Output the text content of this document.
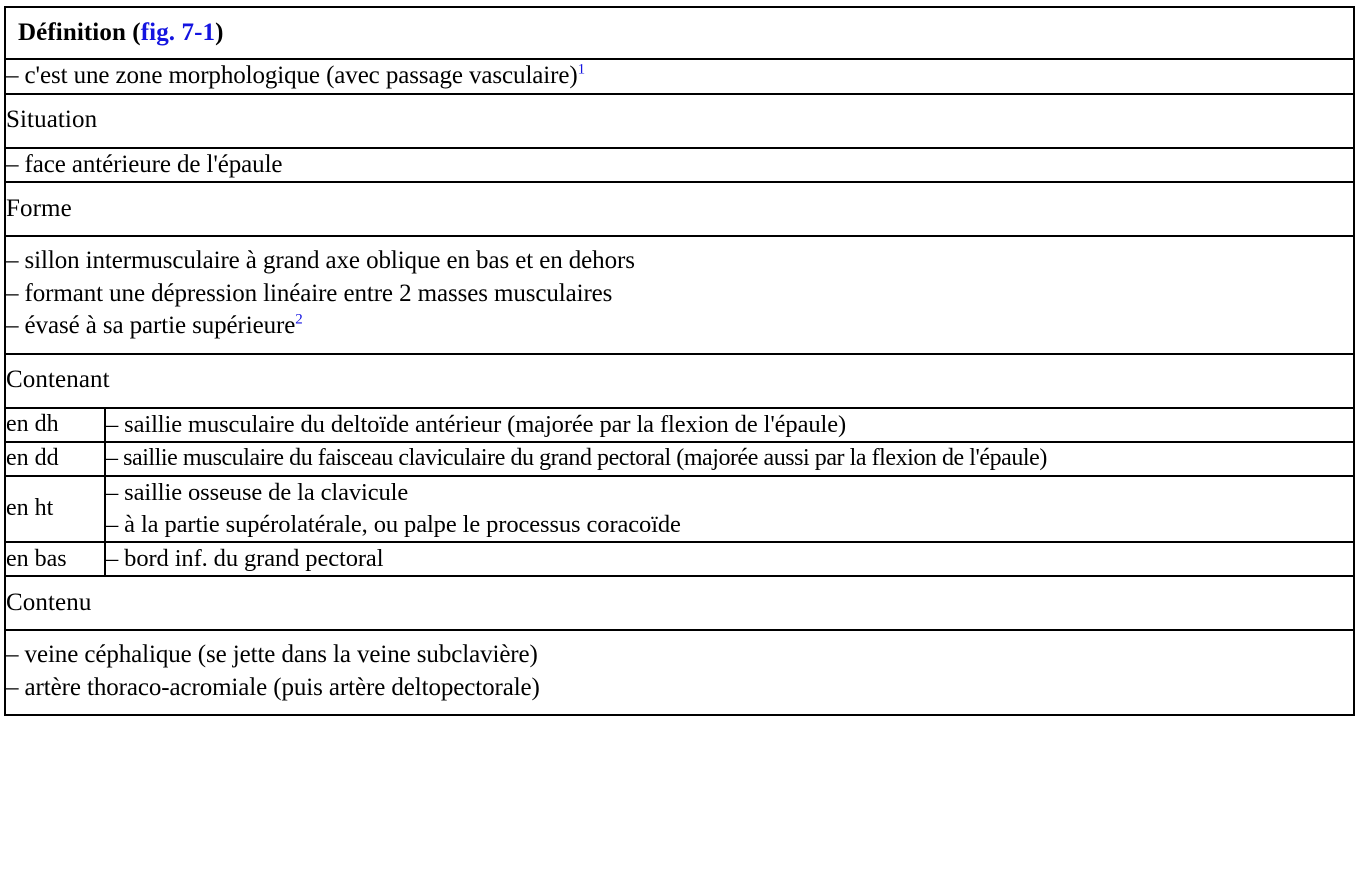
Définition (fig. 7-1)	

– c'est une zone morphologique (avec passage vasculaire)$^1$

Situation	

– face antérieure de l'épaule	

Forme	

– sillon intermusculaire à grand axe oblique en bas et en dehors
– formant une dépression linéaire entre 2 masses musculaires
– évasé à sa partie supérieure$^2$

Contenant	
en dh	– saillie musculaire du deltoïde antérieur (majorée par la flexion de l'épaule)

en dd	– saillie musculaire du faisceau claviculaire du grand pectoral (majorée aussi par la flexion de l'épaule)

en ht	– saillie osseuse de la clavicule
– à la partie supérolatérale, ou palpe le processus coracoïde

en bas	– bord inf. du grand pectoral

Contenu	

– veine céphalique (se jette dans la veine subclavière)
– artère thoraco-acromiale (puis artère deltopectorale)	
